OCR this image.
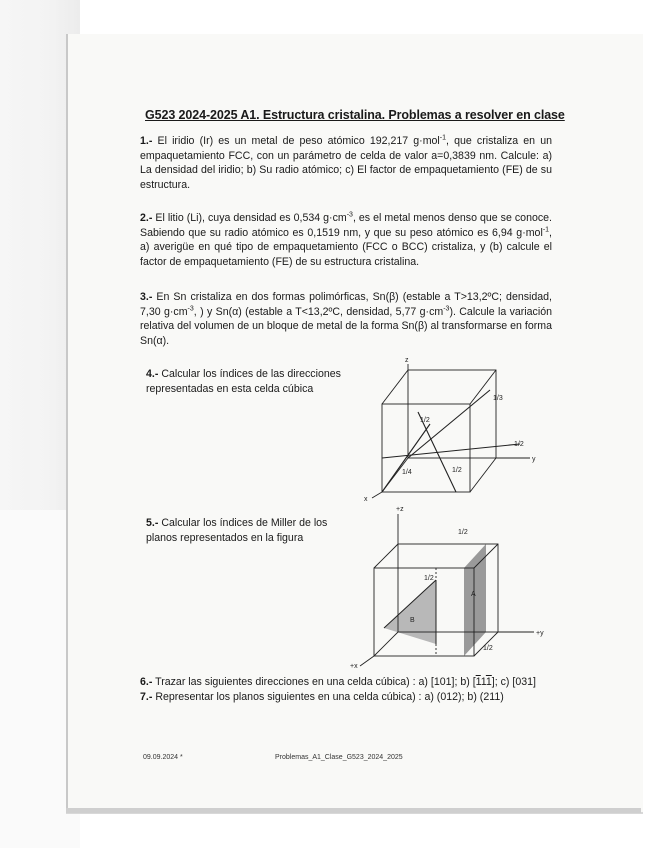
G523 2024-2025 A1. Estructura cristalina. Problemas a resolver en clase
1.- El iridio (Ir) es un metal de peso atómico 192,217 g·mol$^{-1}$, que cristaliza en un empaquetamiento FCC, con un parámetro de celda de valor a=0,3839 nm. Calcule: a) La densidad del iridio; b) Su radio atómico; c) El factor de empaquetamiento (FE) de su estructura.
2.- El litio (Li), cuya densidad es 0,534 $g\cdot cm^{-3}$, es el metal menos denso que se conoce. Sabiendo que su radio atómico es 0,1519 nm, y que su peso atómico es 6,94 g·mol$^{-1}$, a) averigüe en qué tipo de empaquetamiento (FCC o BCC) cristaliza, y (b) calcule el factor de empaquetamiento (FE) de su estructura cristalina.
3.- En Sn cristaliza en dos formas polimórficas, Sn(β) (estable a T>13,2ºC; densidad, 7,30 $g\cdot cm^{-3}$, ) y Sn(α) (estable a T<13,2ºC, densidad, 5,77 $g\cdot cm^{-3}$). Calcule la variación relativa del volumen de un bloque de metal de la forma Sn(β) al transformarse en forma Sn(α).
4.- Calcular los índices de las direcciones
representadas en esta celda cúbica
z
y
x
1/3
1/2
1/2
1/4	1/2
5.- Calcular los índices de Miller de los
planos representados en la figura
+z
+y
+x
1/2
1/2
1/2
A
B
6.- Trazar las siguientes direcciones en una celda cúbica) : a) [101]; b) [111]; c) [031]
7.- Representar los planos siguientes en una celda cúbica) : a) (012); b) (211)
09.09.2024 *	Problemas_A1_Clase_G523_2024_2025
